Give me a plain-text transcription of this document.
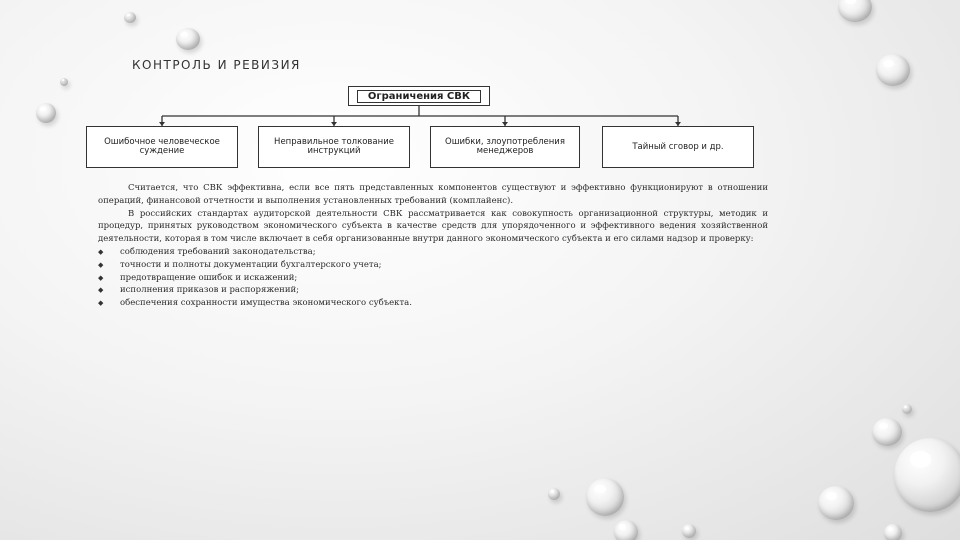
КОНТРОЛЬ И РЕВИЗИЯ
Ограничения СВК
Ошибочное человеческое суждение
Неправильное толкование инструкций
Ошибки, злоупотребления менеджеров	Тайный сговор и др.

Считается, что СВК эффективна, если все пять представленных компонентов существуют и эффективно функционируют в отношении операций, финансовой отчетности и выполнения установленных требований (комплайенс).

В российских стандартах аудиторской деятельности СВК рассматривается как совокупность организационной структуры, методик и процедур, принятых руководством экономического субъекта в качестве средств для упорядоченного и эффективного ведения хозяйственной деятельности, которая в том числе включает в себя организованные внутри данного экономического субъекта и его силами надзор и проверку:

◆ соблюдения требований законодательства;
◆ точности и полноты документации бухгалтерского учета;
◆ предотвращение ошибок и искажений;
◆ исполнения приказов и распоряжений;
◆ обеспечения сохранности имущества экономического субъекта.
